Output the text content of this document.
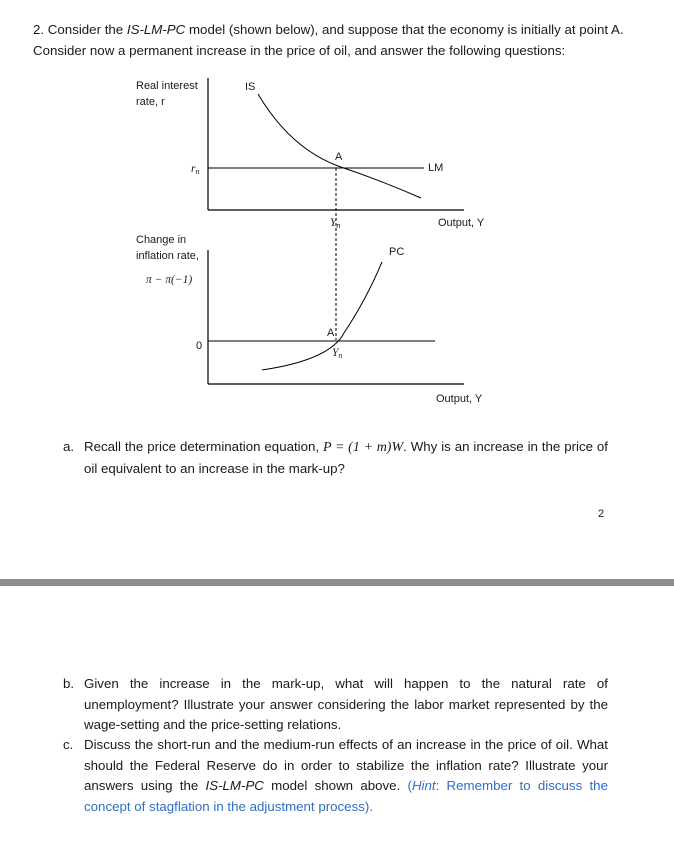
2. Consider the IS-LM-PC model (shown below), and suppose that the economy is initially at point A. Consider now a permanent increase in the price of oil, and answer the following questions:
Real interest
rate, r
rn
IS
LM
A
Yn	Output, Y
Change in
inflation rate,
π − π(−1)
0
PC
A
Yn
Output, Y
a. Recall the price determination equation, P = (1 + m)W. Why is an increase in the price of oil equivalent to an increase in the mark-up?
2
b. Given the increase in the mark-up, what will happen to the natural rate of unemployment? Illustrate your answer considering the labor market represented by the wage-setting and the price-setting relations.
c. Discuss the short-run and the medium-run effects of an increase in the price of oil. What should the Federal Reserve do in order to stabilize the inflation rate? Illustrate your answers using the IS-LM-PC model shown above. (Hint: Remember to discuss the concept of stagflation in the adjustment process).
